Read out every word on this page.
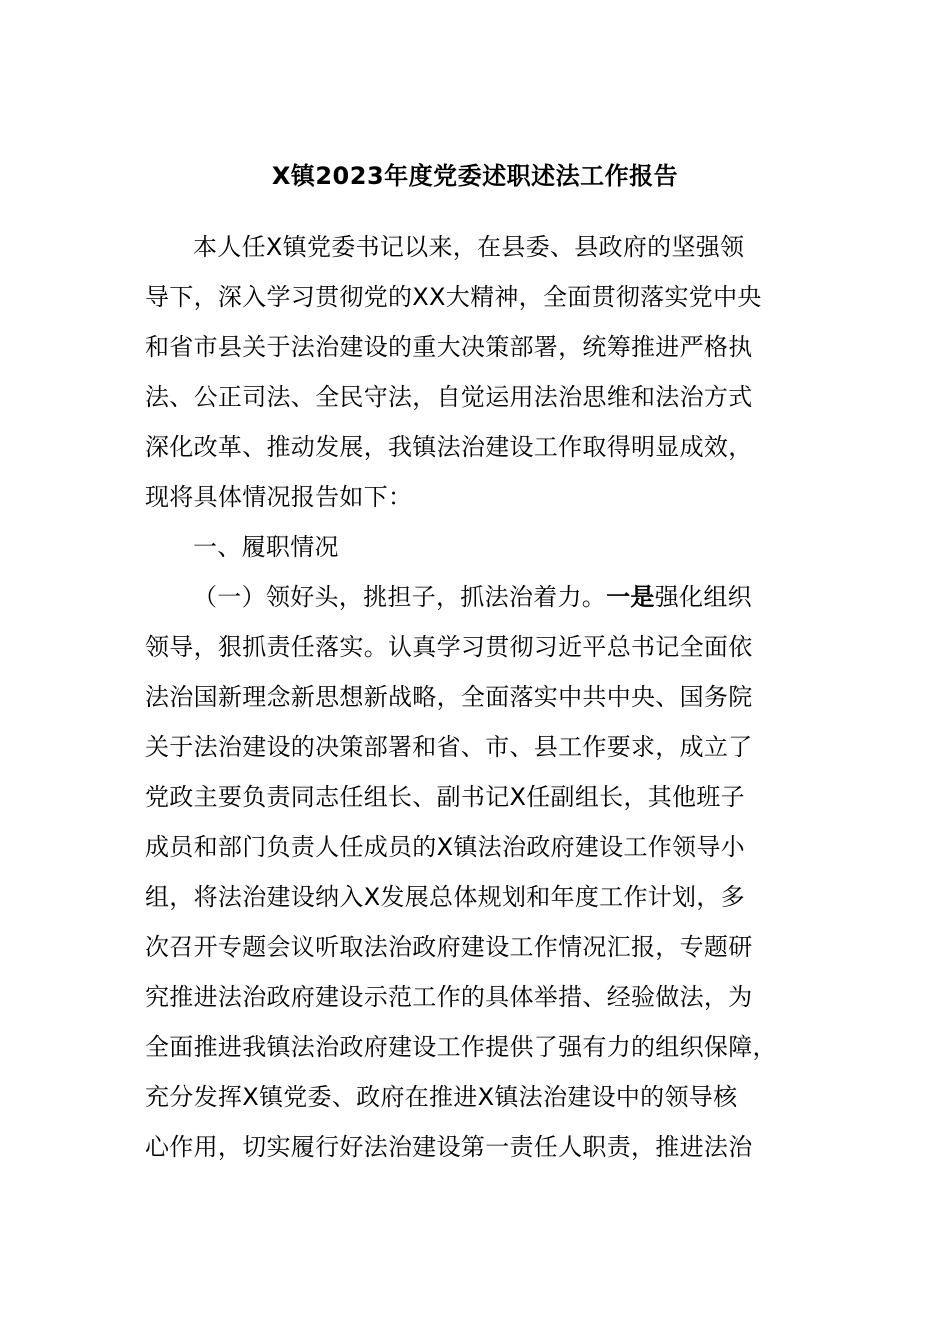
X镇2023年度党委述职述法工作报告
本人任X镇党委书记以来，在县委、县政府的坚强领
导下，深入学习贯彻党的XX大精神，全面贯彻落实党中央
和省市县关于法治建设的重大决策部署，统筹推进严格执
法、公正司法、全民守法，自觉运用法治思维和法治方式
深化改革、推动发展，我镇法治建设工作取得明显成效，
现将具体情况报告如下：
一、履职情况
（一）领好头，挑担子，抓法治着力。一是强化组织
领导，狠抓责任落实。认真学习贯彻习近平总书记全面依
法治国新理念新思想新战略，全面落实中共中央、国务院
关于法治建设的决策部署和省、市、县工作要求，成立了
党政主要负责同志任组长、副书记X任副组长，其他班子
成员和部门负责人任成员的X镇法治政府建设工作领导小
组，将法治建设纳入X发展总体规划和年度工作计划，多
次召开专题会议听取法治政府建设工作情况汇报，专题研
究推进法治政府建设示范工作的具体举措、经验做法，为
全面推进我镇法治政府建设工作提供了强有力的组织保障，
充分发挥X镇党委、政府在推进X镇法治建设中的领导核
心作用，切实履行好法治建设第一责任人职责，推进法治
